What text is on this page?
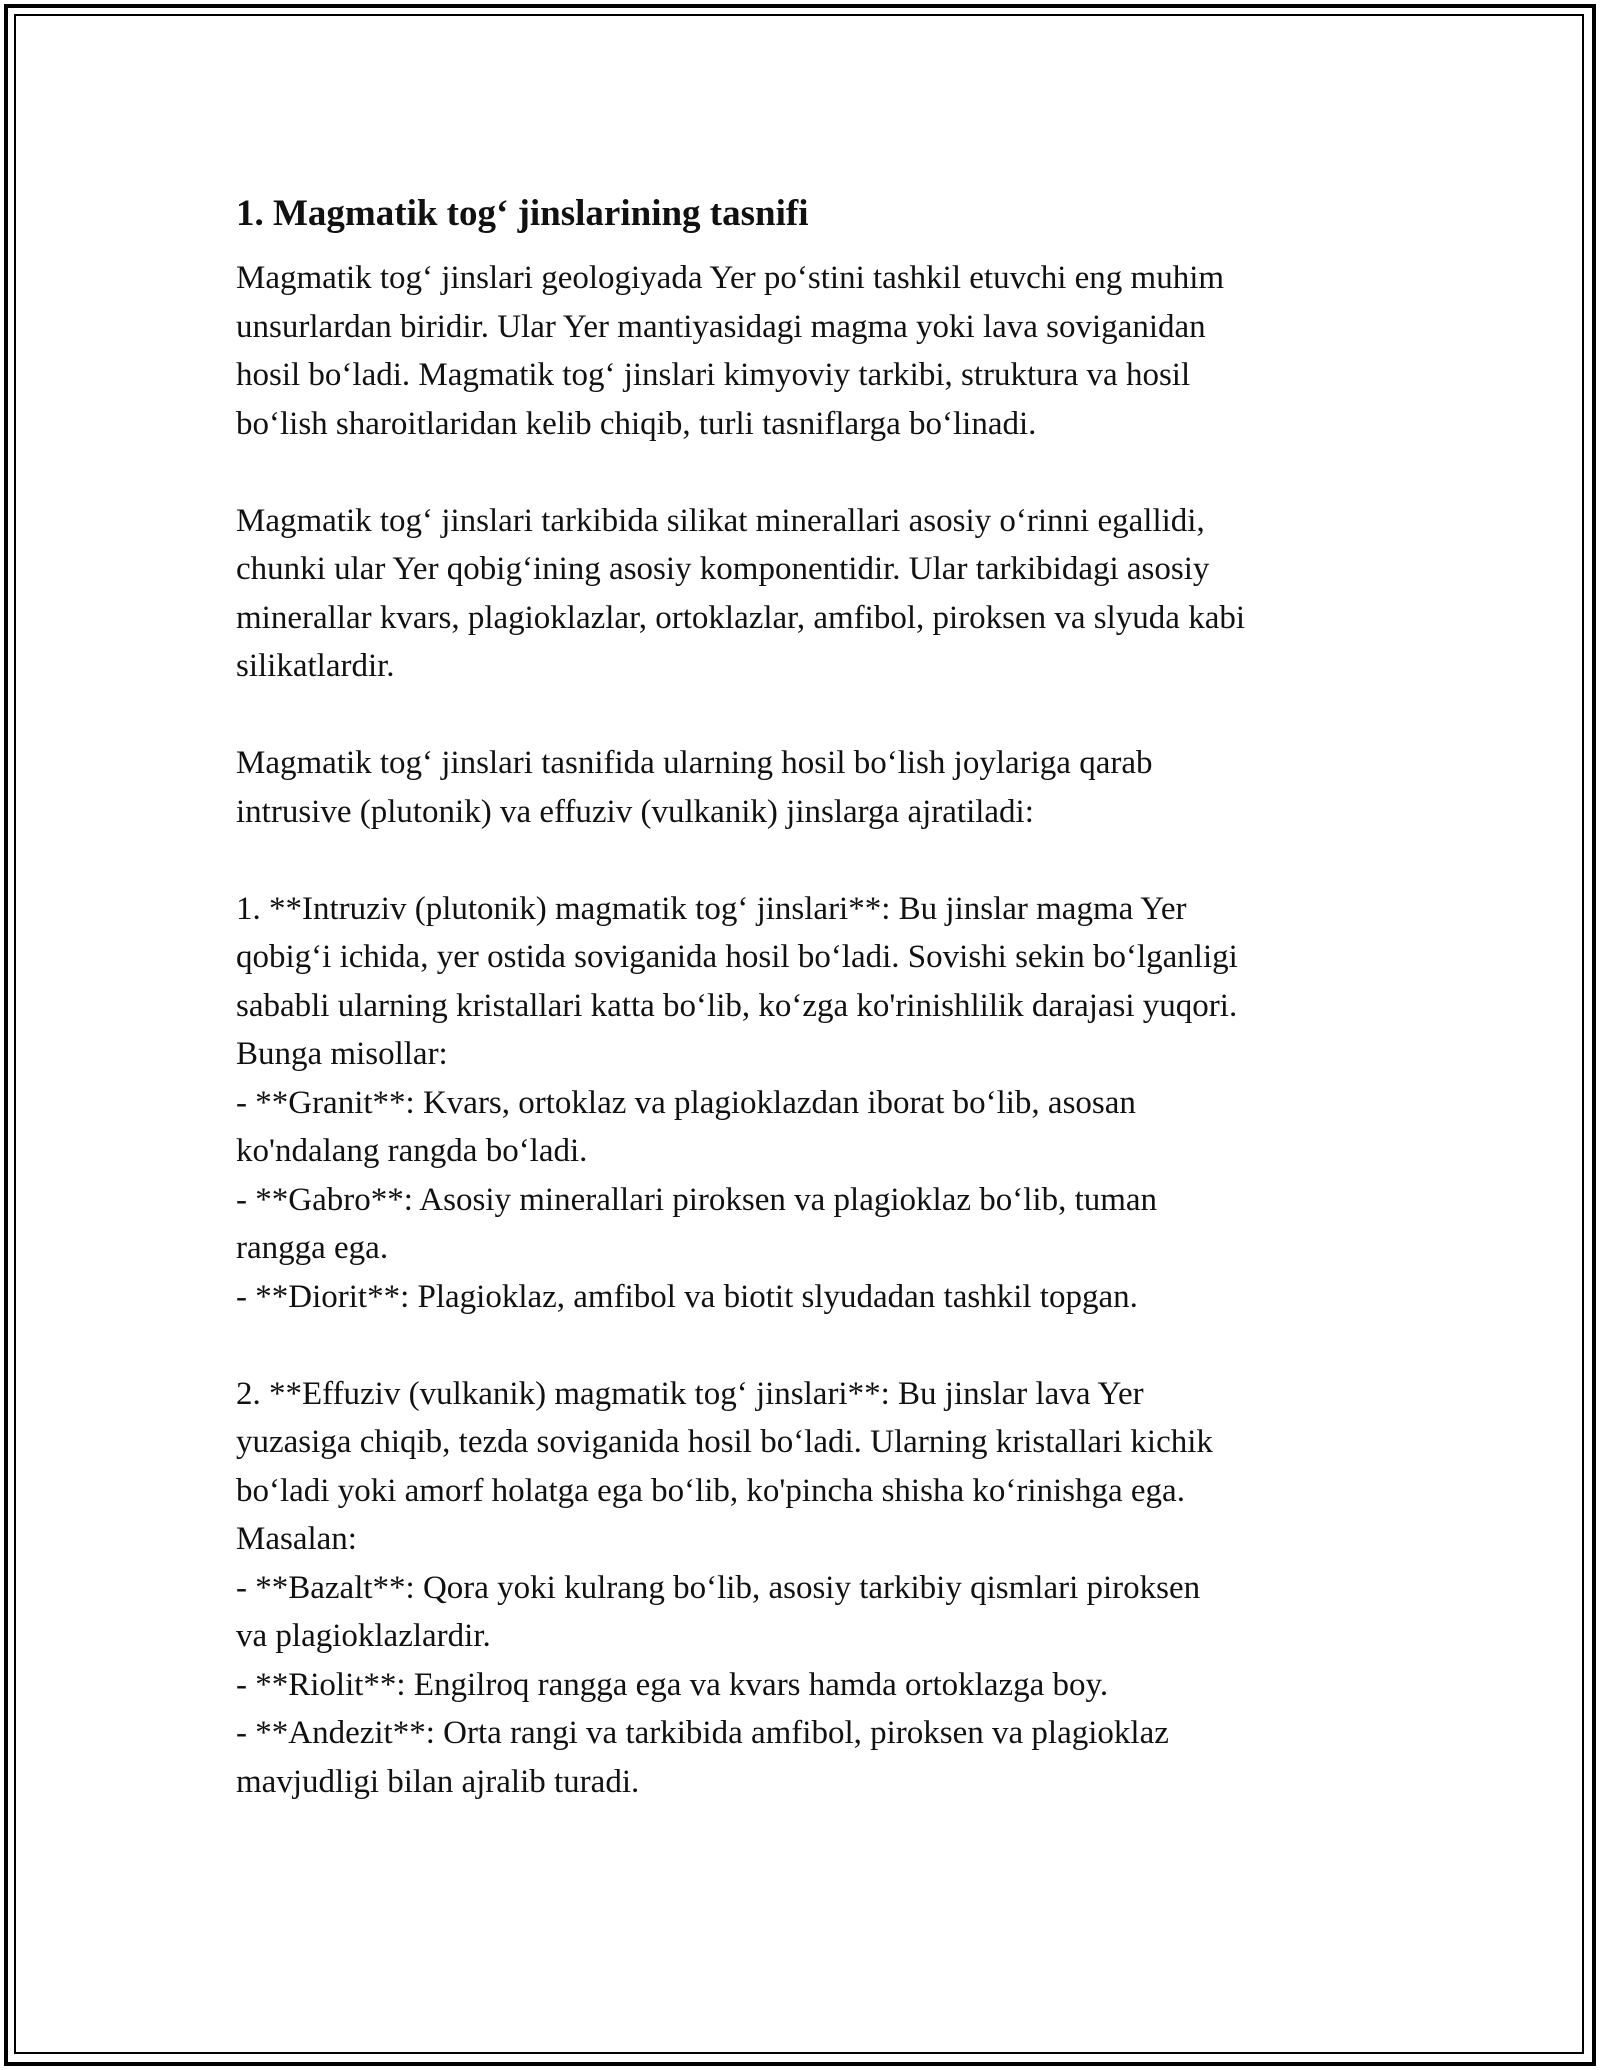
1. Magmatik tog‘ jinslarining tasnifi

Magmatik tog‘ jinslari geologiyada Yer po‘stini tashkil etuvchi eng muhim
unsurlardan biridir. Ular Yer mantiyasidagi magma yoki lava soviganidan
hosil bo‘ladi. Magmatik tog‘ jinslari kimyoviy tarkibi, struktura va hosil
bo‘lish sharoitlaridan kelib chiqib, turli tasniflarga bo‘linadi.

Magmatik tog‘ jinslari tarkibida silikat minerallari asosiy o‘rinni egallidi,
chunki ular Yer qobig‘ining asosiy komponentidir. Ular tarkibidagi asosiy
minerallar kvars, plagioklazlar, ortoklazlar, amfibol, piroksen va slyuda kabi
silikatlardir.

Magmatik tog‘ jinslari tasnifida ularning hosil bo‘lish joylariga qarab
intrusive (plutonik) va effuziv (vulkanik) jinslarga ajratiladi:

1. **Intruziv (plutonik) magmatik tog‘ jinslari**: Bu jinslar magma Yer
qobig‘i ichida, yer ostida soviganida hosil bo‘ladi. Sovishi sekin bo‘lganligi
sababli ularning kristallari katta bo‘lib, ko‘zga ko'rinishlilik darajasi yuqori.
Bunga misollar:
- **Granit**: Kvars, ortoklaz va plagioklazdan iborat bo‘lib, asosan
ko'ndalang rangda bo‘ladi.
- **Gabro**: Asosiy minerallari piroksen va plagioklaz bo‘lib, tuman
rangga ega.
- **Diorit**: Plagioklaz, amfibol va biotit slyudadan tashkil topgan.

2. **Effuziv (vulkanik) magmatik tog‘ jinslari**: Bu jinslar lava Yer
yuzasiga chiqib, tezda soviganida hosil bo‘ladi. Ularning kristallari kichik
bo‘ladi yoki amorf holatga ega bo‘lib, ko'pincha shisha ko‘rinishga ega.
Masalan:
- **Bazalt**: Qora yoki kulrang bo‘lib, asosiy tarkibiy qismlari piroksen
va plagioklazlardir.
- **Riolit**: Engilroq rangga ega va kvars hamda ortoklazga boy.
- **Andezit**: Orta rangi va tarkibida amfibol, piroksen va plagioklaz
mavjudligi bilan ajralib turadi.
